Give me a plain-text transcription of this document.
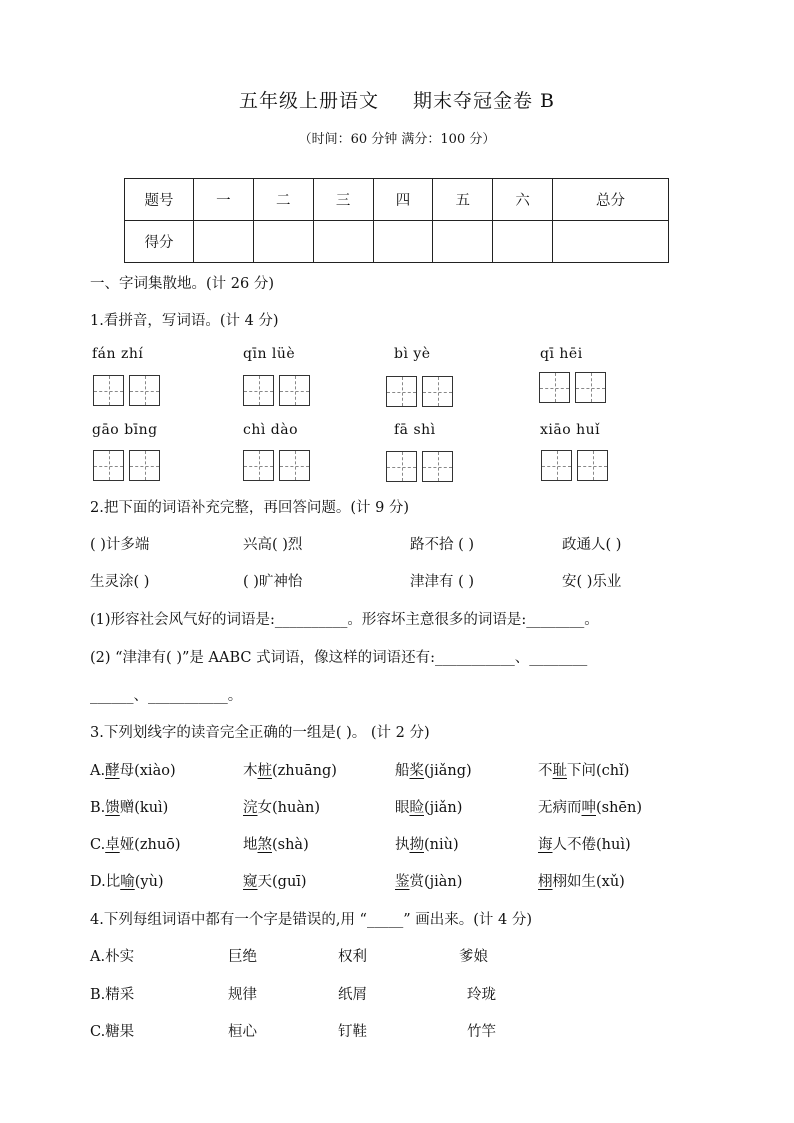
五年级上册语文 期末夺冠金卷 B
（时间：60 分钟 满分：100 分）
题号	一	二	三	四	五	六	总分
得分							
一、字词集散地。(计 26 分)
1.看拼音，写词语。(计 4 分)
fán zhí	qīn lüè	bì yè	qī hēi
gāo bīng	chì dào	fā shì	xiāo huǐ
2.把下面的词语补充完整，再回答问题。(计 9 分)
( )计多端	兴高( )烈	路不拾 ( )	政通人( )
生灵涂( )	( )旷神怡	津津有 ( )	安( )乐业
(1)形容社会风气好的词语是:__________。形容坏主意很多的词语是:________。
(2) “津津有( )”是 AABC 式词语，像这样的词语还有:___________、________
______、___________。
3.下列划线字的读音完全正确的一组是( )。 (计 2 分)
A.酵母(xiào)	木桩(zhuāng)	船桨(jiǎng)	不耻下问(chǐ)
B.馈赠(kuì)	浣女(huàn)	眼睑(jiǎn)	无病而呻(shēn)
C.卓娅(zhuō)	地煞(shà)	执拗(niù)	诲人不倦(huì)
D.比喻(yù)	窥天(guī)	鉴赏(jiàn)	栩栩如生(xǔ)
4.下列每组词语中都有一个字是错误的,用 “_____” 画出来。(计 4 分)
A.朴实	巨绝	权利	爹娘
B.精采	规律	纸屑	玲珑
C.糖果	桓心	钉鞋	竹竿
